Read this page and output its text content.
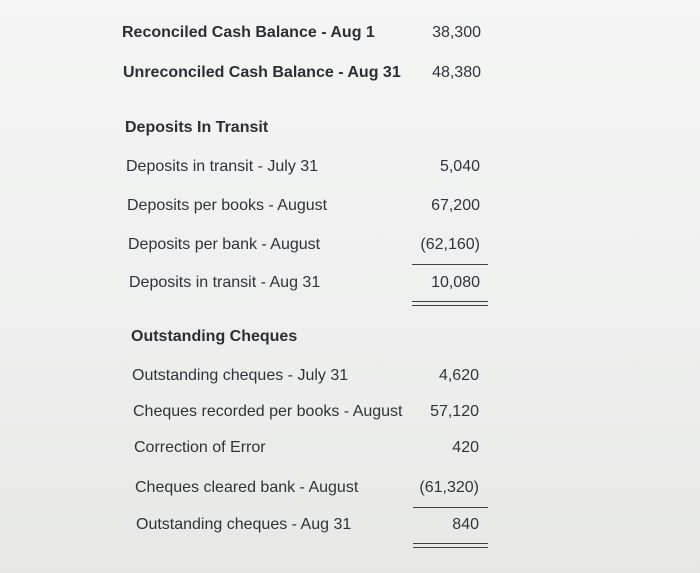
Reconciled Cash Balance - Aug 1	38,300
Unreconciled Cash Balance - Aug 31	48,380
Deposits In Transit
Deposits in transit - July 31	5,040
Deposits per books - August	67,200
Deposits per bank - August	(62,160)
Deposits in transit - Aug 31	10,080
Outstanding Cheques
Outstanding cheques - July 31	4,620
Cheques recorded per books - August	57,120
Correction of Error	420
Cheques cleared bank - August	(61,320)
Outstanding cheques - Aug 31	840
